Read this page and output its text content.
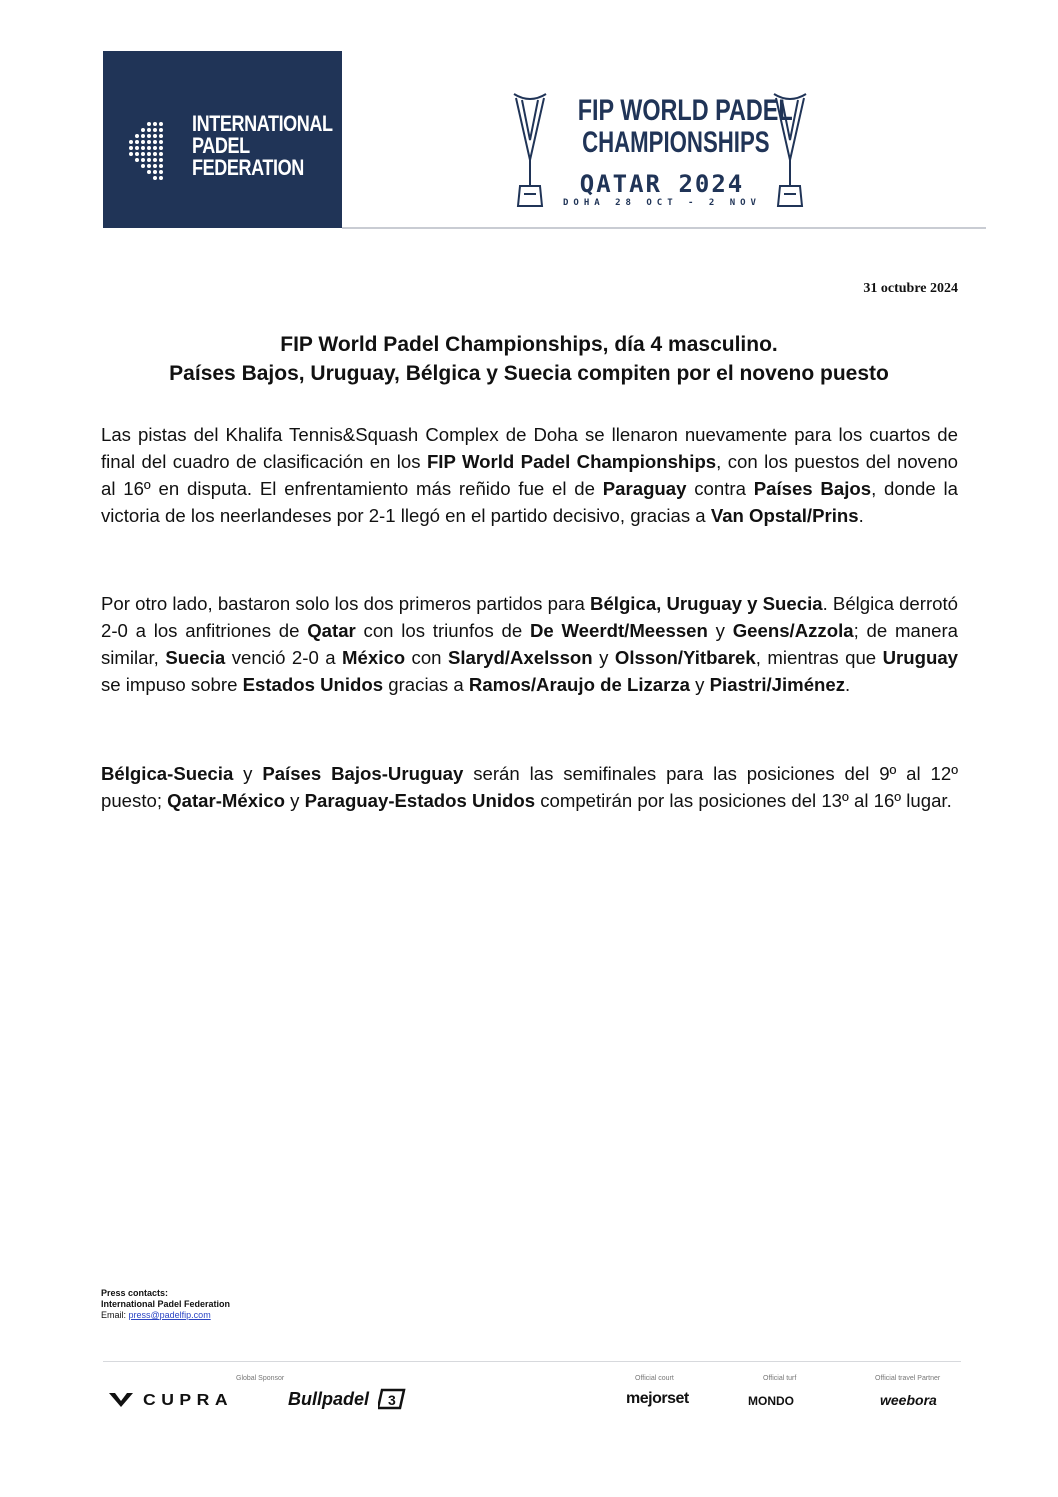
INTERNATIONAL
PADEL
FEDERATION
FIP WORLD PADEL
CHAMPIONSHIPS
QATAR 2024
DOHA 28 OCT - 2 NOV
31 octubre 2024
FIP World Padel Championships, día 4 masculino.
Países Bajos, Uruguay, Bélgica y Suecia compiten por el noveno puesto
Las pistas del Khalifa Tennis&Squash Complex de Doha se llenaron nuevamente para los cuartos de final del cuadro de clasificación en los FIP World Padel Championships, con los puestos del noveno al 16º en disputa. El enfrentamiento más reñido fue el de Paraguay contra Países Bajos, donde la victoria de los neerlandeses por 2-1 llegó en el partido decisivo, gracias a Van Opstal/Prins.
Por otro lado, bastaron solo los dos primeros partidos para Bélgica, Uruguay y Suecia. Bélgica derrotó 2-0 a los anfitriones de Qatar con los triunfos de De Weerdt/Meessen y Geens/Azzola; de manera similar, Suecia venció 2-0 a México con Slaryd/Axelsson y Olsson/Yitbarek, mientras que Uruguay se impuso sobre Estados Unidos gracias a Ramos/Araujo de Lizarza y Piastri/Jiménez.
Bélgica-Suecia y Países Bajos-Uruguay serán las semifinales para las posiciones del 9º al 12º puesto; Qatar-México y Paraguay-Estados Unidos competirán por las posiciones del 13º al 16º lugar.
Press contacts:
International Padel Federation
Email: press@padelfip.com
Global Sponsor
CUPRA	Bullpadel 3
Official court
mejorset
Official turf
MONDO
Official travel Partner
weebora
